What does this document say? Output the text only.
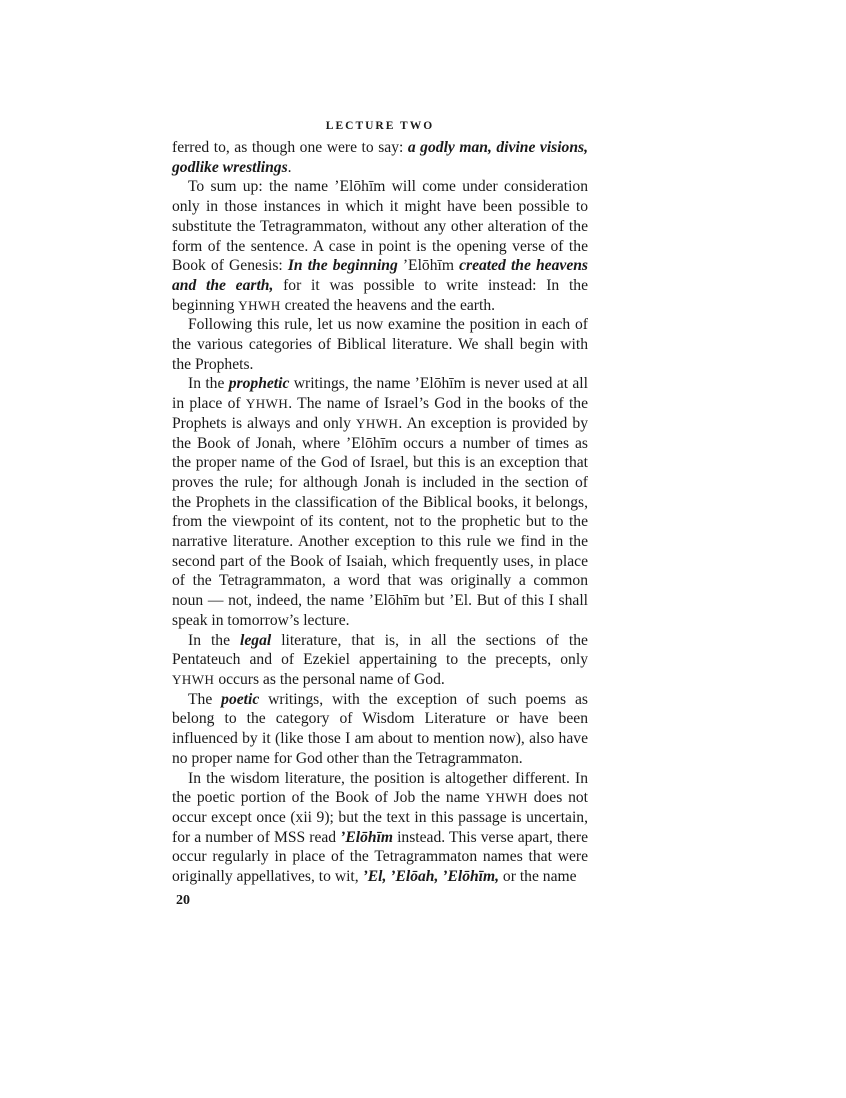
LECTURE TWO

ferred to, as though one were to say: a godly man, divine visions, godlike wrestlings.

To sum up: the name ’Elōhīm will come under consideration only in those instances in which it might have been possible to substitute the Tetragrammaton, without any other alteration of the form of the sentence. A case in point is the opening verse of the Book of Genesis: In the beginning ’Elōhīm created the heavens and the earth, for it was possible to write instead: In the beginning YHWH created the heavens and the earth.

Following this rule, let us now examine the position in each of the various categories of Biblical literature. We shall begin with the Prophets.

In the prophetic writings, the name ’Elōhīm is never used at all in place of YHWH. The name of Israel’s God in the books of the Prophets is always and only YHWH. An exception is provided by the Book of Jonah, where ’Elōhīm occurs a number of times as the proper name of the God of Israel, but this is an exception that proves the rule; for although Jonah is included in the section of the Prophets in the classification of the Biblical books, it belongs, from the viewpoint of its content, not to the prophetic but to the narrative literature. Another exception to this rule we find in the second part of the Book of Isaiah, which frequently uses, in place of the Tetragrammaton, a word that was originally a common noun — not, indeed, the name ’Elōhīm but ’El. But of this I shall speak in tomorrow’s lecture.

In the legal literature, that is, in all the sections of the Pentateuch and of Ezekiel appertaining to the precepts, only YHWH occurs as the personal name of God.

The poetic writings, with the exception of such poems as belong to the category of Wisdom Literature or have been influenced by it (like those I am about to mention now), also have no proper name for God other than the Tetragrammaton.

In the wisdom literature, the position is altogether different. In the poetic portion of the Book of Job the name YHWH does not occur except once (xii 9); but the text in this passage is uncertain, for a number of MSS read ’Elōhīm instead. This verse apart, there occur regularly in place of the Tetragrammaton names that were originally appellatives, to wit, ’El, ’Elōah, ’Elōhīm, or the name

20
